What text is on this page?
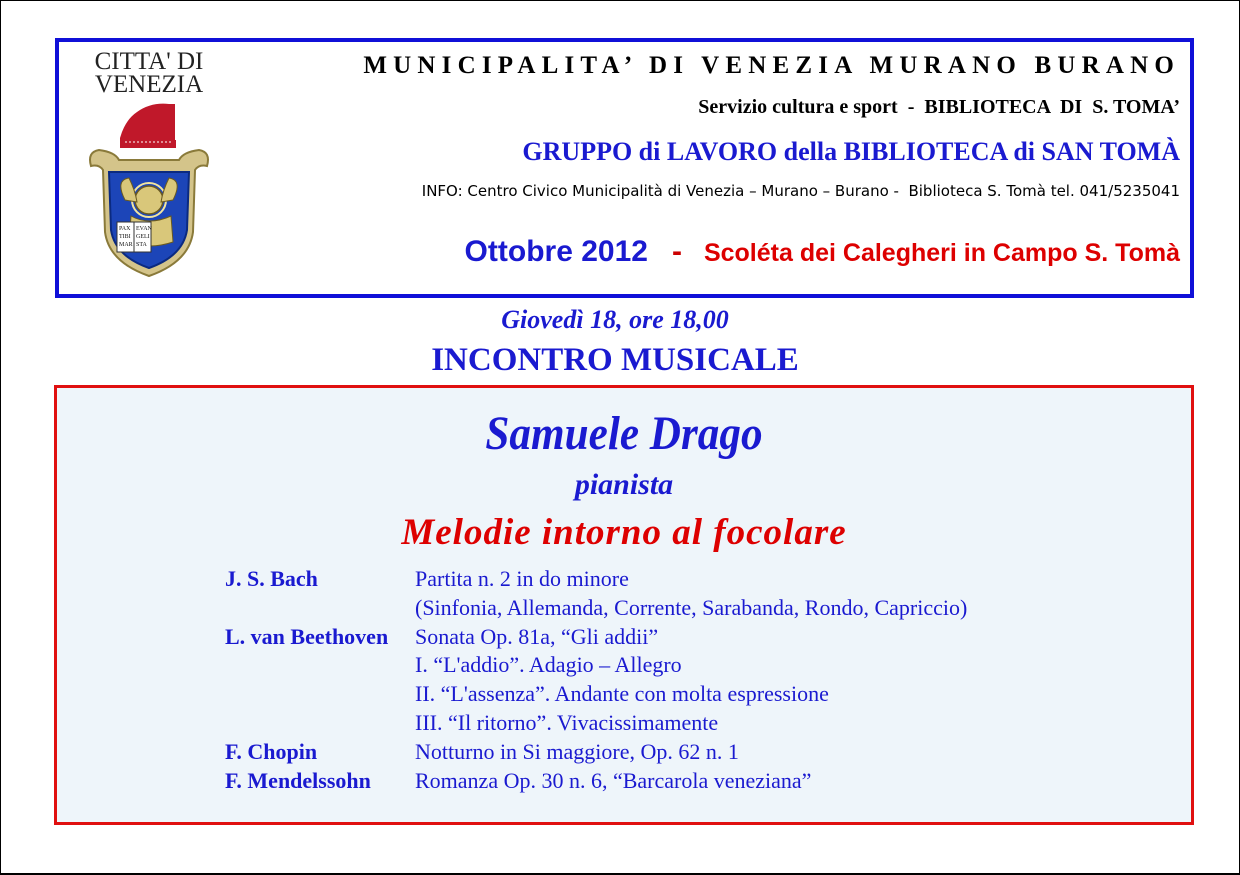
CITTA' DI
VENEZIA
PAX EVAN
TIBI GELI
MAR STA
MUNICIPALITA’ DI VENEZIA MURANO BURANO
Servizio cultura e sport  -  BIBLIOTECA  DI  S. TOMA’
GRUPPO di LAVORO della BIBLIOTECA di SAN TOMÀ
INFO: Centro Civico Municipalità di Venezia – Murano – Burano -  Biblioteca S. Tomà tel. 041/5235041
Ottobre 2012 - Scoléta dei Calegheri in Campo S. Tomà
Giovedì 18, ore 18,00
INCONTRO MUSICALE
Samuele Drago
pianista
Melodie intorno al focolare
J. S. Bach	Partita n. 2 in do minore
(Sinfonia, Allemanda, Corrente, Sarabanda, Rondo, Capriccio)
L. van Beethoven Sonata Op. 81a, “Gli addii”
I. “L'addio”. Adagio – Allegro
II. “L'assenza”. Andante con molta espressione
III. “Il ritorno”. Vivacissimamente
F. Chopin	Notturno in Si maggiore, Op. 62 n. 1
F. Mendelssohn Romanza Op. 30 n. 6, “Barcarola veneziana”
